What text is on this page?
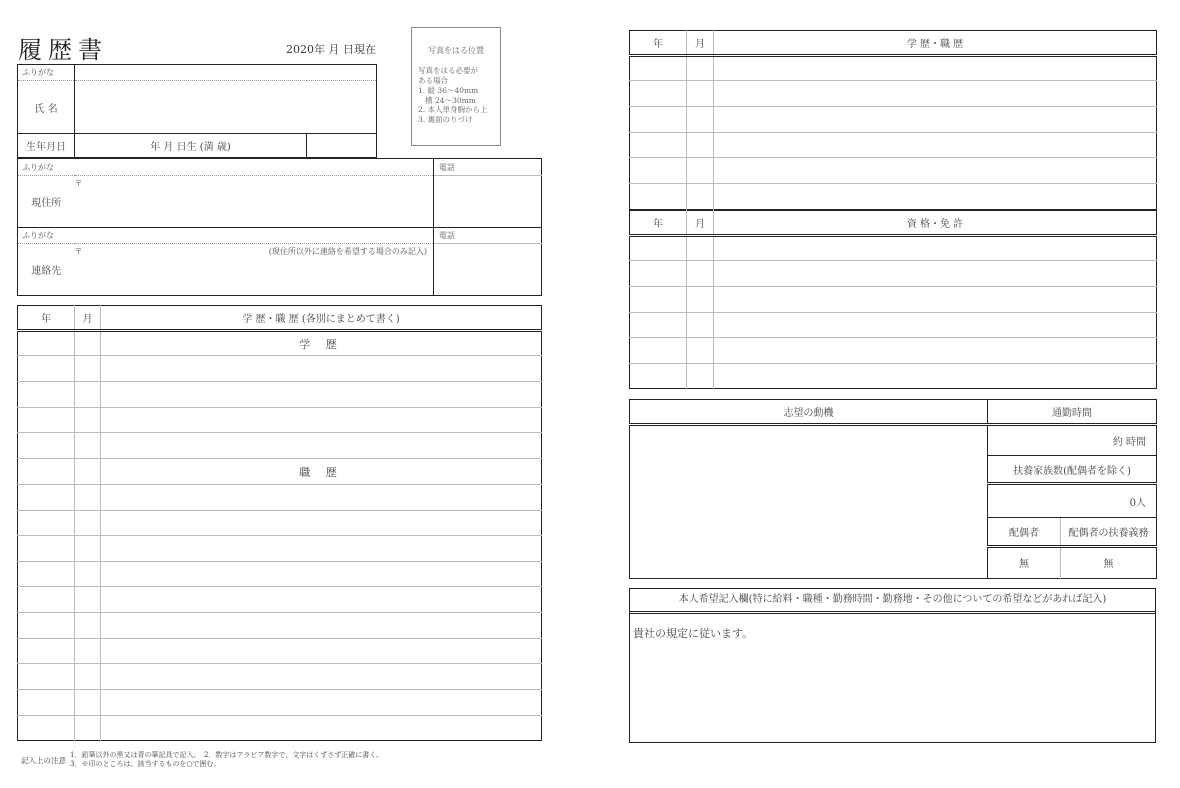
履歴書	2020年 月 日現在	写真をはる位置
写真をはる必要が
ある場合
1. 縦 36〜40mm
横 24〜30mm
2. 本人単身胸から上
3. 裏面のりづけ
ふりがな		
氏 名		
生年月日	年 月 日生 (満 歳)	
ふりがな		電話
現住所	〒	
ふりがな		電話
連絡先	〒 (現住所以外に連絡を希望する場合のみ記入)	

年	月	学 歴・職 歴 (各別にまとめて書く)
		学 歴

		職 歴

年	月	学 歴・職 歴

年	月	資 格・免 許

志望の動機	通勤時間	
	約 時間	
	扶養家族数(配偶者を除く)	
	0人	
	配偶者	配偶者の扶養義務
	無	無
本人希望記入欄(特に給料・職種・勤務時間・勤務地・その他についての希望などがあれば記入)
貴社の規定に従います。
記入上の注意
1．鉛筆以外の黒又は青の筆記具で記入。　2．数字はアラビア数字で、文字はくずさず正確に書く。
3．※印のところは、該当するものを○で囲む。
